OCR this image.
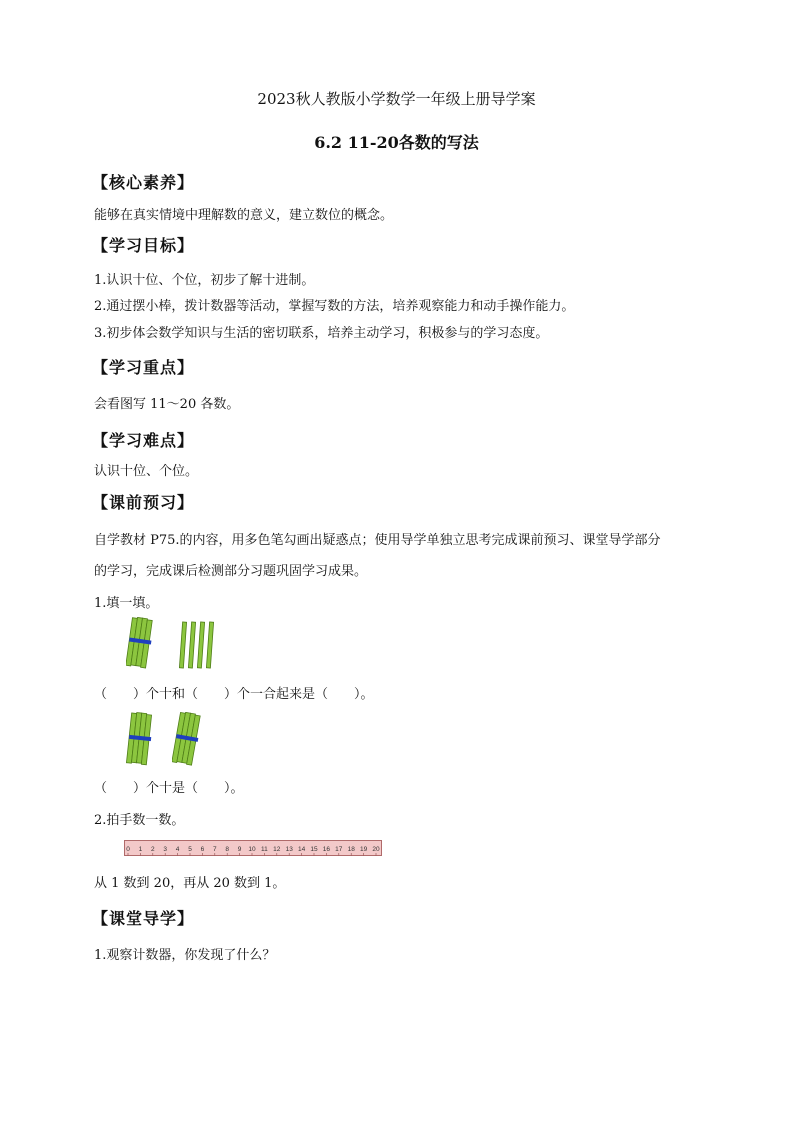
2023秋人教版小学数学一年级上册导学案
6.2 11-20各数的写法
【核心素养】
能够在真实情境中理解数的意义，建立数位的概念。
【学习目标】
1.认识十位、个位，初步了解十进制。
2.通过摆小棒，拨计数器等活动，掌握写数的方法，培养观察能力和动手操作能力。
3.初步体会数学知识与生活的密切联系，培养主动学习，积极参与的学习态度。
【学习重点】
会看图写 11～20 各数。
【学习难点】
认识十位、个位。
【课前预习】
自学教材 P75.的内容，用多色笔勾画出疑惑点；使用导学单独立思考完成课前预习、课堂导学部分
的学习，完成课后检测部分习题巩固学习成果。
1.填一填。
（　　）个十和（　　）个一合起来是（　　）。
（　　）个十是（　　）。
2.拍手数一数。
0 1 2 3 4 5 6 7 8 9 10 11 12 13 14 15 16 17 18 19 20
从 1 数到 20，再从 20 数到 1。
【课堂导学】
1.观察计数器，你发现了什么？
